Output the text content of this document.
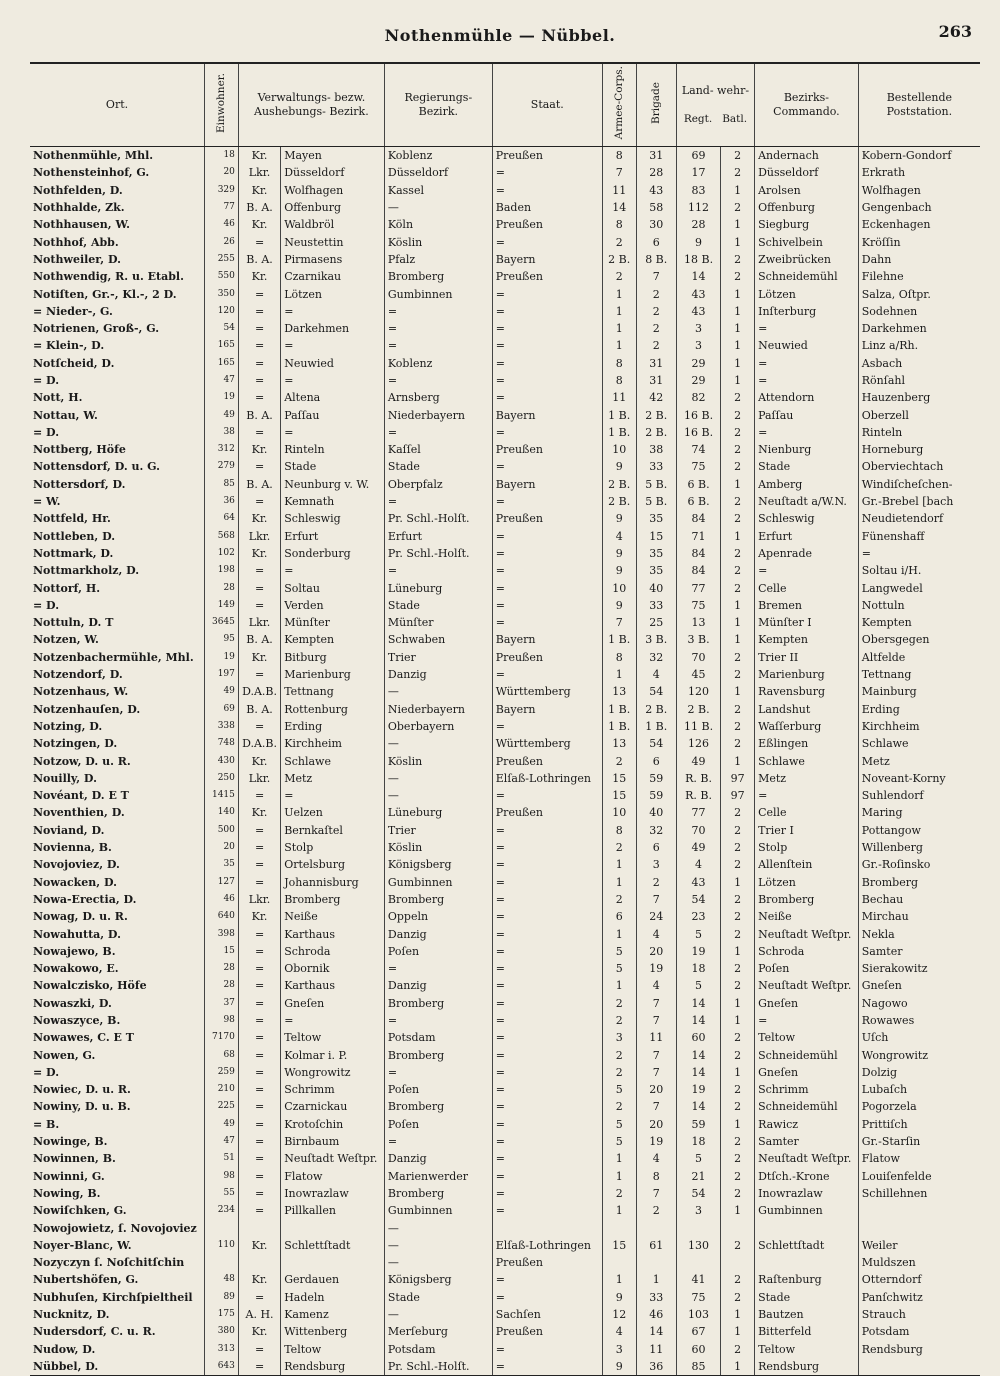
Nothenmühle — Nübbel.	263
Ort.	Einwohner.	Verwaltungs- bezw. Aushebungs- Bezirk.		Regierungs- Bezirk.	Staat.	Armee-Corps.	Brigade	Land- wehr-
Regt. Batl.		Bezirks- Commando.	Bestellende Poststation.
Nothenmühle, Mhl.	18	Kr.	Mayen	Koblenz	Preußen	8	31	69	2	Andernach	Kobern-Gondorf
Nothensteinhof, G.	20	Lkr.	Düsseldorf	Düsseldorf	=	7	28	17	2	Düsseldorf	Erkrath
Nothfelden, D.	329	Kr.	Wolfhagen	Kassel	=	11	43	83	1	Arolsen	Wolfhagen
Nothhalde, Zk.	77	B. A.	Offenburg	—	Baden	14	58	112	2	Offenburg	Gengenbach
Nothhausen, W.	46	Kr.	Waldbröl	Köln	Preußen	8	30	28	1	Siegburg	Eckenhagen
Nothhof, Abb.	26	=	Neustettin	Köslin	=	2	6	9	1	Schivelbein	Kröſſin
Nothweiler, D.	255	B. A.	Pirmasens	Pfalz	Bayern	2 B.	8 B.	18 B.	2	Zweibrücken	Dahn
Nothwendig, R. u. Etabl.	550	Kr.	Czarnikau	Bromberg	Preußen	2	7	14	2	Schneidemühl	Filehne
Notiſten, Gr.-, Kl.-, 2 D.	350	=	Lötzen	Gumbinnen	=	1	2	43	1	Lötzen	Salza, Oſtpr.
= Nieder-, G.	120	=	=	=	=	1	2	43	1	Inſterburg	Sodehnen
Notrienen, Groß-, G.	54	=	Darkehmen	=	=	1	2	3	1	=	Darkehmen
= Klein-, D.	165	=	=	=	=	1	2	3	1	Neuwied	Linz a/Rh.
Notſcheid, D.	165	=	Neuwied	Koblenz	=	8	31	29	1	=	Asbach
= D.	47	=	=	=	=	8	31	29	1	=	Rönſahl
Nott, H.	19	=	Altena	Arnsberg	=	11	42	82	2	Attendorn	Hauzenberg
Nottau, W.	49	B. A.	Paſſau	Niederbayern	Bayern	1 B.	2 B.	16 B.	2	Paſſau	Oberzell
= D.	38	=	=	=	=	1 B.	2 B.	16 B.	2	=	Rinteln
Nottberg, Höfe	312	Kr.	Rinteln	Kaſſel	Preußen	10	38	74	2	Nienburg	Horneburg
Nottensdorf, D. u. G.	279	=	Stade	Stade	=	9	33	75	2	Stade	Oberviechtach
Nottersdorf, D.	85	B. A.	Neunburg v. W.	Oberpfalz	Bayern	2 B.	5 B.	6 B.	1	Amberg	Windiſcheſchen-
= W.	36	=	Kemnath	=	=	2 B.	5 B.	6 B.	2	Neuſtadt a/W.N.	Gr.-Brebel [bach
Nottfeld, Hr.	64	Kr.	Schleswig	Pr. Schl.-Holſt.	Preußen	9	35	84	2	Schleswig	Neudietendorf
Nottleben, D.	568	Lkr.	Erfurt	Erfurt	=	4	15	71	1	Erfurt	Fünenshaff
Nottmark, D.	102	Kr.	Sonderburg	Pr. Schl.-Holſt.	=	9	35	84	2	Apenrade	=
Nottmarkholz, D.	198	=	=	=	=	9	35	84	2	=	Soltau i/H.
Nottorf, H.	28	=	Soltau	Lüneburg	=	10	40	77	2	Celle	Langwedel
= D.	149	=	Verden	Stade	=	9	33	75	1	Bremen	Nottuln
Nottuln, D. T	3645	Lkr.	Münſter	Münſter	=	7	25	13	1	Münſter I	Kempten
Notzen, W.	95	B. A.	Kempten	Schwaben	Bayern	1 B.	3 B.	3 B.	1	Kempten	Obersgegen
Notzenbachermühle, Mhl.	19	Kr.	Bitburg	Trier	Preußen	8	32	70	2	Trier II	Altfelde
Notzendorf, D.	197	=	Marienburg	Danzig	=	1	4	45	2	Marienburg	Tettnang
Notzenhaus, W.	49	D.A.B.	Tettnang	—	Württemberg	13	54	120	1	Ravensburg	Mainburg
Notzenhauſen, D.	69	B. A.	Rottenburg	Niederbayern	Bayern	1 B.	2 B.	2 B.	2	Landshut	Erding
Notzing, D.	338	=	Erding	Oberbayern	=	1 B.	1 B.	11 B.	2	Waſſerburg	Kirchheim
Notzingen, D.	748	D.A.B.	Kirchheim	—	Württemberg	13	54	126	2	Eßlingen	Schlawe
Notzow, D. u. R.	430	Kr.	Schlawe	Köslin	Preußen	2	6	49	1	Schlawe	Metz
Nouilly, D.	250	Lkr.	Metz	—	Elſaß-Lothringen	15	59	R. B.	97	Metz	Noveant-Korny
Novéant, D. E T	1415	=	=	—	=	15	59	R. B.	97	=	Suhlendorf
Noventhien, D.	140	Kr.	Uelzen	Lüneburg	Preußen	10	40	77	2	Celle	Maring
Noviand, D.	500	=	Bernkaſtel	Trier	=	8	32	70	2	Trier I	Pottangow
Novienna, B.	20	=	Stolp	Köslin	=	2	6	49	2	Stolp	Willenberg
Novojoviez, D.	35	=	Ortelsburg	Königsberg	=	1	3	4	2	Allenſtein	Gr.-Roſinsko
Nowacken, D.	127	=	Johannisburg	Gumbinnen	=	1	2	43	1	Lötzen	Bromberg
Nowa-Erectia, D.	46	Lkr.	Bromberg	Bromberg	=	2	7	54	2	Bromberg	Bechau
Nowag, D. u. R.	640	Kr.	Neiße	Oppeln	=	6	24	23	2	Neiße	Mirchau
Nowahutta, D.	398	=	Karthaus	Danzig	=	1	4	5	2	Neuſtadt Weſtpr.	Nekla
Nowajewo, B.	15	=	Schroda	Poſen	=	5	20	19	1	Schroda	Samter
Nowakowo, E.	28	=	Obornik	=	=	5	19	18	2	Poſen	Sierakowitz
Nowalczisko, Höfe	28	=	Karthaus	Danzig	=	1	4	5	2	Neuſtadt Weſtpr.	Gneſen
Nowaszki, D.	37	=	Gneſen	Bromberg	=	2	7	14	1	Gneſen	Nagowo
Nowaszyce, B.	98	=	=	=	=	2	7	14	1	=	Rowawes
Nowawes, C. E T	7170	=	Teltow	Potsdam	=	3	11	60	2	Teltow	Uſch
Nowen, G.	68	=	Kolmar i. P.	Bromberg	=	2	7	14	2	Schneidemühl	Wongrowitz
= D.	259	=	Wongrowitz	=	=	2	7	14	1	Gneſen	Dolzig
Nowiec, D. u. R.	210	=	Schrimm	Poſen	=	5	20	19	2	Schrimm	Lubaſch
Nowiny, D. u. B.	225	=	Czarnickau	Bromberg	=	2	7	14	2	Schneidemühl	Pogorzela
= B.	49	=	Krotoſchin	Poſen	=	5	20	59	1	Rawicz	Prittiſch
Nowinge, B.	47	=	Birnbaum	=	=	5	19	18	2	Samter	Gr.-Starſin
Nowinnen, B.	51	=	Neuſtadt Weſtpr.	Danzig	=	1	4	5	2	Neuſtadt Weſtpr.	Flatow
Nowinni, G.	98	=	Flatow	Marienwerder	=	1	8	21	2	Dtſch.-Krone	Louiſenfelde
Nowing, B.	55	=	Inowrazlaw	Bromberg	=	2	7	54	2	Inowrazlaw	Schillehnen
Nowiſchken, G.	234	=	Pillkallen	Gumbinnen	=	1	2	3	1	Gumbinnen	
Nowojowietz, ſ. Novojoviez				—							
Noyer-Blanc, W.	110	Kr.	Schlettſtadt	—	Elſaß-Lothringen	15	61	130	2	Schlettſtadt	Weiler
Nozyczyn ſ. Noſchitſchin				—	Preußen						Muldszen
Nubertshöfen, G.	48	Kr.	Gerdauen	Königsberg	=	1	1	41	2	Raſtenburg	Otterndorf
Nubhuſen, Kirchſpieltheil	89	=	Hadeln	Stade	=	9	33	75	2	Stade	Panſchwitz
Nucknitz, D.	175	A. H.	Kamenz	—	Sachſen	12	46	103	1	Bautzen	Strauch
Nudersdorf, C. u. R.	380	Kr.	Wittenberg	Merſeburg	Preußen	4	14	67	1	Bitterfeld	Potsdam
Nudow, D.	313	=	Teltow	Potsdam	=	3	11	60	2	Teltow	Rendsburg
Nübbel, D.	643	=	Rendsburg	Pr. Schl.-Holſt.	=	9	36	85	1	Rendsburg	
